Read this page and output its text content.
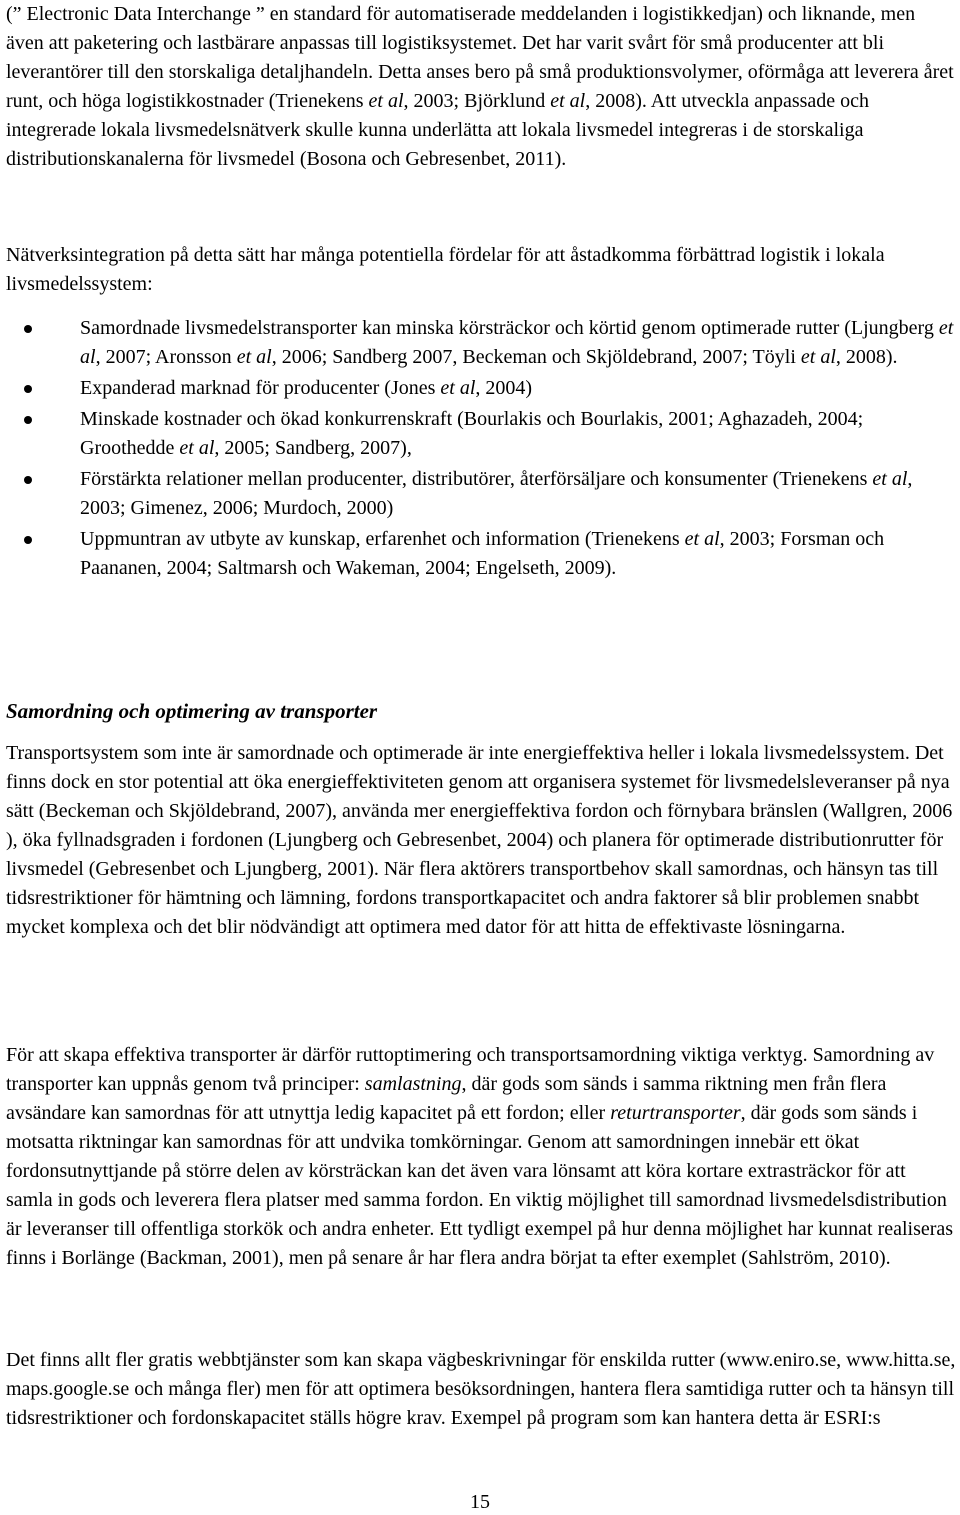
(” Electronic Data Interchange ” en standard för automatiserade meddelanden i logistikkedjan) och liknande, men även att paketering och lastbärare anpassas till logistiksystemet. Det har varit svårt för små producenter att bli leverantörer till den storskaliga detaljhandeln. Detta anses bero på små produktionsvolymer, oförmåga att leverera året runt, och höga logistikkostnader (Trienekens et al, 2003; Björklund et al, 2008). Att utveckla anpassade och integrerade lokala livsmedelsnätverk skulle kunna underlätta att lokala livsmedel integreras i de storskaliga distributionskanalerna för livsmedel (Bosona och Gebresenbet, 2011).

Nätverksintegration på detta sätt har många potentiella fördelar för att åstadkomma förbättrad logistik i lokala livsmedelssystem:

Samordnade livsmedelstransporter kan minska körsträckor och körtid genom optimerade rutter (Ljungberg et al, 2007; Aronsson et al, 2006; Sandberg 2007, Beckeman och Skjöldebrand, 2007; Töyli et al, 2008).
Expanderad marknad för producenter (Jones et al, 2004)
Minskade kostnader och ökad konkurrenskraft (Bourlakis och Bourlakis, 2001; Aghazadeh, 2004; Groothedde et al, 2005; Sandberg, 2007),
Förstärkta relationer mellan producenter, distributörer, återförsäljare och konsumenter (Trienekens et al, 2003; Gimenez, 2006; Murdoch, 2000)
Uppmuntran av utbyte av kunskap, erfarenhet och information (Trienekens et al, 2003; Forsman och Paananen, 2004; Saltmarsh och Wakeman, 2004; Engelseth, 2009).
Samordning och optimering av transporter

Transportsystem som inte är samordnade och optimerade är inte energieffektiva heller i lokala livsmedelssystem. Det finns dock en stor potential att öka energieffektiviteten genom att organisera systemet för livsmedelsleveranser på nya sätt (Beckeman och Skjöldebrand, 2007), använda mer energieffektiva fordon och förnybara bränslen (Wallgren, 2006 ), öka fyllnadsgraden i fordonen (Ljungberg och Gebresenbet, 2004) och planera för optimerade distributionrutter för livsmedel (Gebresenbet och Ljungberg, 2001). När flera aktörers transportbehov skall samordnas, och hänsyn tas till tidsrestriktioner för hämtning och lämning, fordons transportkapacitet och andra faktorer så blir problemen snabbt mycket komplexa och det blir nödvändigt att optimera med dator för att hitta de effektivaste lösningarna.

För att skapa effektiva transporter är därför ruttoptimering och transportsamordning viktiga verktyg. Samordning av transporter kan uppnås genom två principer: samlastning, där gods som sänds i samma riktning men från flera avsändare kan samordnas för att utnyttja ledig kapacitet på ett fordon; eller returtransporter, där gods som sänds i motsatta riktningar kan samordnas för att undvika tomkörningar. Genom att samordningen innebär ett ökat fordonsutnyttjande på större delen av körsträckan kan det även vara lönsamt att köra kortare extrasträckor för att samla in gods och leverera flera platser med samma fordon. En viktig möjlighet till samordnad livsmedelsdistribution är leveranser till offentliga storkök och andra enheter. Ett tydligt exempel på hur denna möjlighet har kunnat realiseras finns i Borlänge (Backman, 2001), men på senare år har flera andra börjat ta efter exemplet (Sahlström, 2010).

Det finns allt fler gratis webbtjänster som kan skapa vägbeskrivningar för enskilda rutter (www.eniro.se, www.hitta.se, maps.google.se och många fler) men för att optimera besöksordningen, hantera flera samtidiga rutter och ta hänsyn till tidsrestriktioner och fordonskapacitet ställs högre krav. Exempel på program som kan hantera detta är ESRI:s

15
